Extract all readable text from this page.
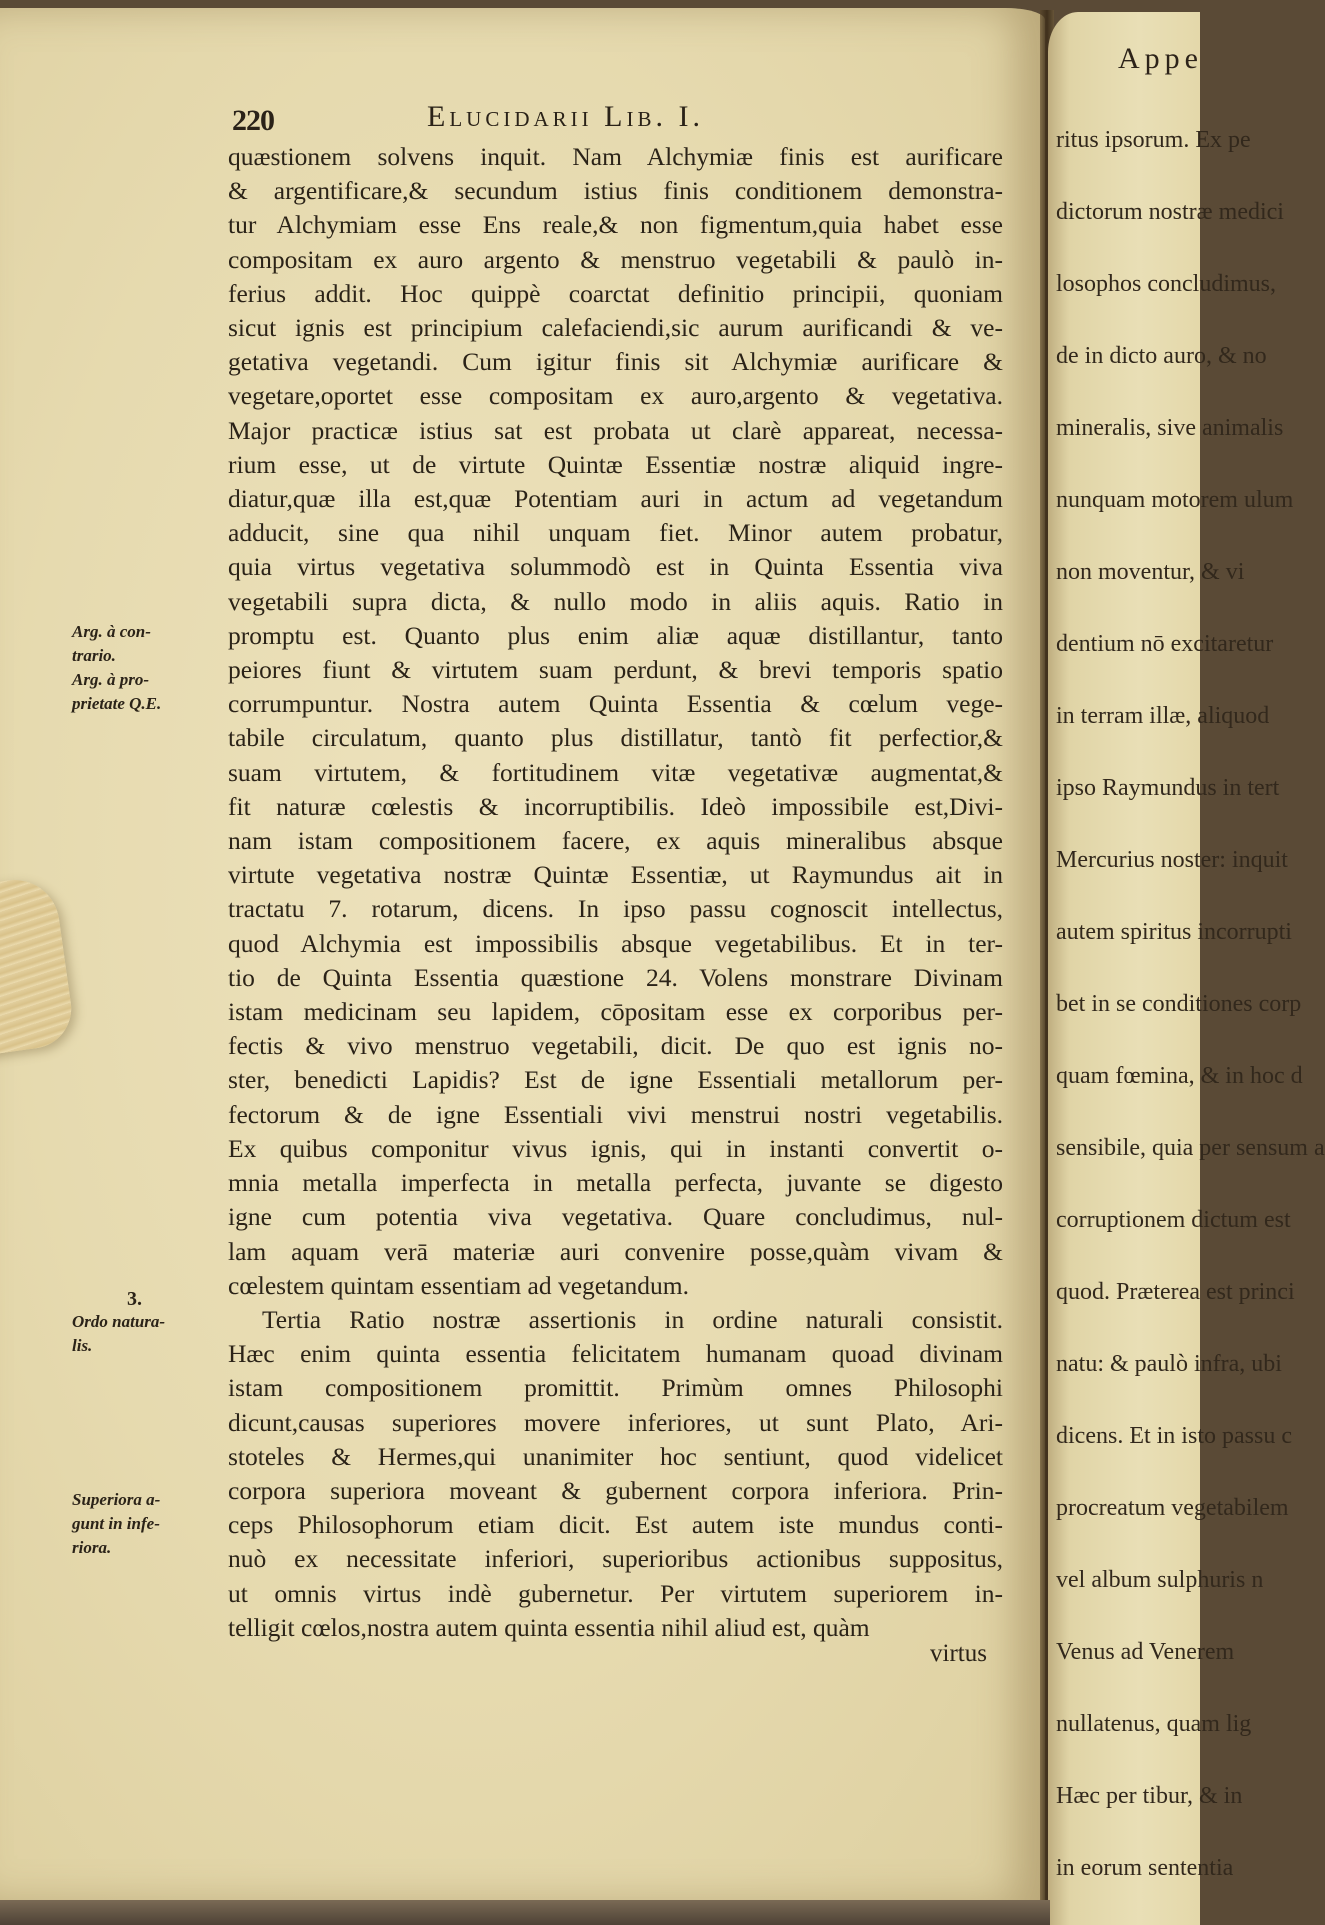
Appe
ritus ipsorum. Ex pe
dictorum nostræ medici
losophos concludimus,
de in dicto auro, & no
mineralis, sive animalis
nunquam motorem ulum
non moventur, & vi
dentium nō excitaretur
in terram illæ, aliquod
ipso Raymundus in tert
Mercurius noster: inquit
autem spiritus incorrupti
bet in se conditiones corp
quam fœmina, & in hoc d
sensibile, quia per sensum a
corruptionem dictum est
quod. Præterea est princi
natu: & paulò infra, ubi
dicens. Et in isto passu c
procreatum vegetabilem
vel album sulphuris n
Venus ad Venerem
nullatenus, quam lig
Hæc per tibur, & in
in eorum sententia
220	Elucidarii Lib. I.
quæstionem solvens inquit. Nam Alchymiæ finis est aurificare
& argentificare,& secundum istius finis conditionem demonstra-
tur Alchymiam esse Ens reale,& non figmentum,quia habet esse
compositam ex auro argento & menstruo vegetabili & paulò in-
ferius addit. Hoc quippè coarctat definitio principii, quoniam
sicut ignis est principium calefaciendi,sic aurum aurificandi & ve-
getativa vegetandi. Cum igitur finis sit Alchymiæ aurificare &
vegetare,oportet esse compositam ex auro,argento & vegetativa.
Major practicæ istius sat est probata ut clarè appareat, necessa-
rium esse, ut de virtute Quintæ Essentiæ nostræ aliquid ingre-
diatur,quæ illa est,quæ Potentiam auri in actum ad vegetandum
adducit, sine qua nihil unquam fiet. Minor autem probatur,
quia virtus vegetativa solummodò est in Quinta Essentia viva
vegetabili supra dicta, & nullo modo in aliis aquis. Ratio in
promptu est. Quanto plus enim aliæ aquæ distillantur, tanto
peiores fiunt & virtutem suam perdunt, & brevi temporis spatio
corrumpuntur. Nostra autem Quinta Essentia & cœlum vege-
tabile circulatum, quanto plus distillatur, tantò fit perfectior,&
suam virtutem, & fortitudinem vitæ vegetativæ augmentat,&
fit naturæ cœlestis & incorruptibilis. Ideò impossibile est,Divi-
nam istam compositionem facere, ex aquis mineralibus absque
virtute vegetativa nostræ Quintæ Essentiæ, ut Raymundus ait in
tractatu 7. rotarum, dicens. In ipso passu cognoscit intellectus,
quod Alchymia est impossibilis absque vegetabilibus. Et in ter-
tio de Quinta Essentia quæstione 24. Volens monstrare Divinam
istam medicinam seu lapidem, cōpositam esse ex corporibus per-
fectis & vivo menstruo vegetabili, dicit. De quo est ignis no-
ster, benedicti Lapidis? Est de igne Essentiali metallorum per-
fectorum & de igne Essentiali vivi menstrui nostri vegetabilis.
Ex quibus componitur vivus ignis, qui in instanti convertit o-
mnia metalla imperfecta in metalla perfecta, juvante se digesto
igne cum potentia viva vegetativa. Quare concludimus, nul-
lam aquam verā materiæ auri convenire posse,quàm vivam &
cœlestem quintam essentiam ad vegetandum.
Tertia Ratio nostræ assertionis in ordine naturali consistit.
Hæc enim quinta essentia felicitatem humanam quoad divinam
istam compositionem promittit. Primùm omnes Philosophi
dicunt,causas superiores movere inferiores, ut sunt Plato, Ari-
stoteles & Hermes,qui unanimiter hoc sentiunt, quod videlicet
corpora superiora moveant & gubernent corpora inferiora. Prin-
ceps Philosophorum etiam dicit. Est autem iste mundus conti-
nuò ex necessitate inferiori, superioribus actionibus suppositus,
ut omnis virtus indè gubernetur. Per virtutem superiorem in-
telligit cœlos,nostra autem quinta essentia nihil aliud est, quàm
virtus
Arg. à con-
trario.
Arg. à pro-
prietate Q.E.
3.
Ordo natura-
lis.
Superiora a-
gunt in infe-
riora.
